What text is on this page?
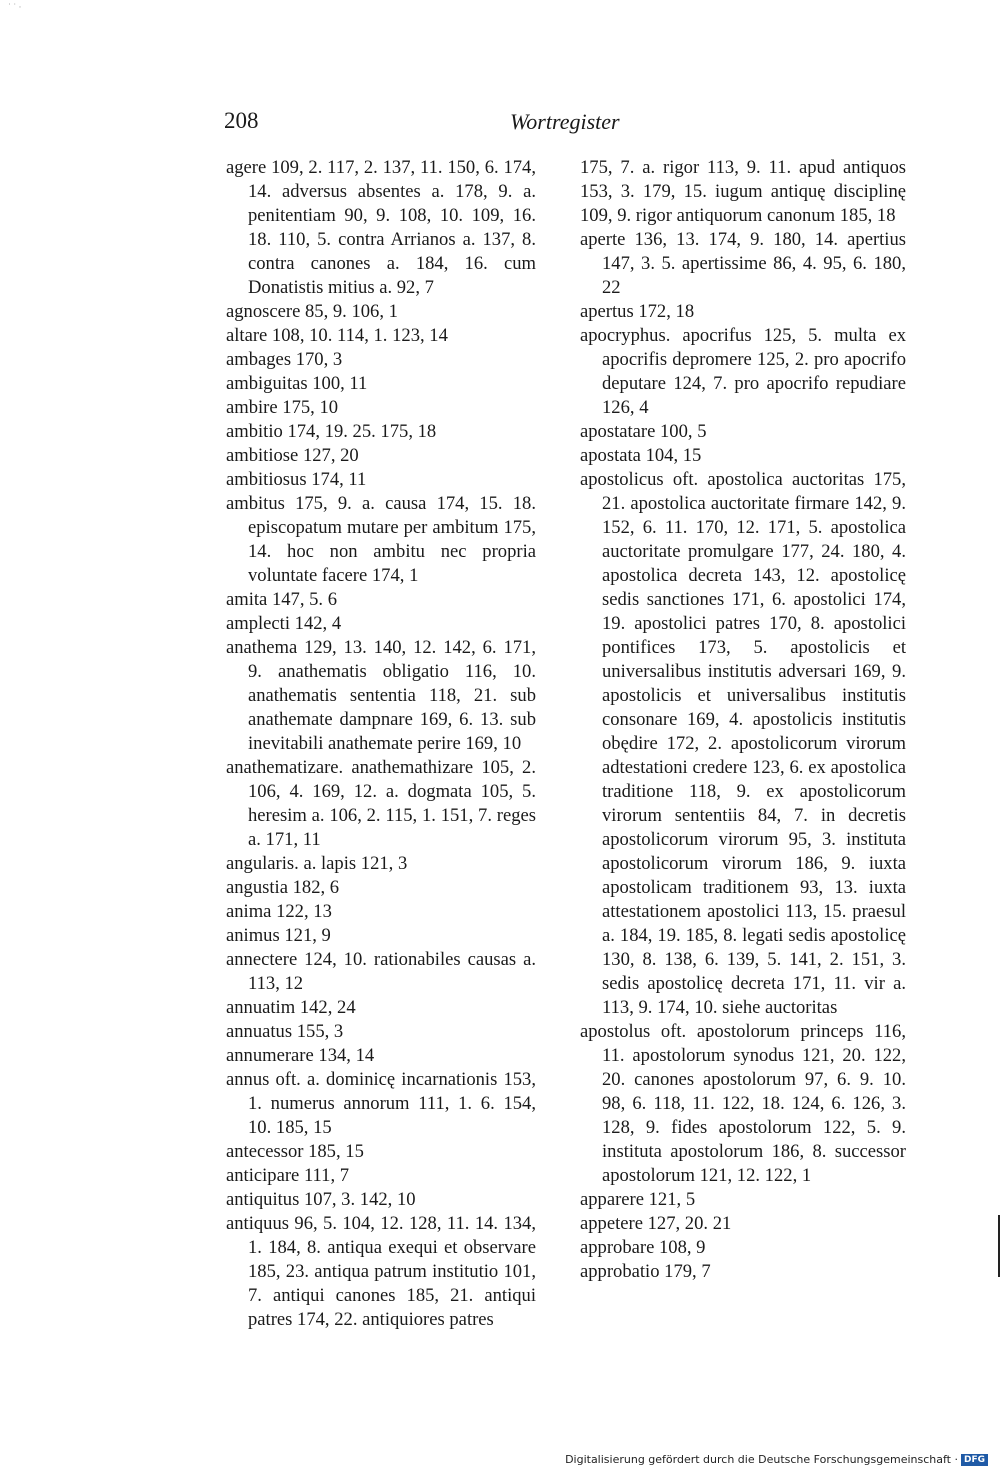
˙ ˙ ·
208	Wortregister
agere 109, 2. 117, 2. 137, 11. 150, 6. 174, 14. adversus absentes a. 178, 9. a. penitentiam 90, 9. 108, 10. 109, 16. 18. 110, 5. contra Arrianos a. 137, 8. contra canones a. 184, 16. cum Donatistis mitius a. 92, 7
agnoscere 85, 9. 106, 1
altare 108, 10. 114, 1. 123, 14
ambages 170, 3
ambiguitas 100, 11
ambire 175, 10
ambitio 174, 19. 25. 175, 18
ambitiose 127, 20
ambitiosus 174, 11
ambitus 175, 9. a. causa 174, 15. 18. episcopatum mutare per ambitum 175, 14. hoc non ambitu nec propria voluntate facere 174, 1
amita 147, 5. 6
amplecti 142, 4
anathema 129, 13. 140, 12. 142, 6. 171, 9. anathematis obligatio 116, 10. anathematis sententia 118, 21. sub anathemate dampnare 169, 6. 13. sub inevitabili anathemate perire 169, 10
anathematizare. anathemathizare 105, 2. 106, 4. 169, 12. a. dogmata 105, 5. heresim a. 106, 2. 115, 1. 151, 7. reges a. 171, 11
angularis. a. lapis 121, 3
angustia 182, 6
anima 122, 13
animus 121, 9
annectere 124, 10. rationabiles causas a. 113, 12
annuatim 142, 24
annuatus 155, 3
annumerare 134, 14
annus oft. a. dominicę incarnationis 153, 1. numerus annorum 111, 1. 6. 154, 10. 185, 15
antecessor 185, 15
anticipare 111, 7
antiquitus 107, 3. 142, 10
antiquus 96, 5. 104, 12. 128, 11. 14. 134, 1. 184, 8. antiqua exequi et observare 185, 23. antiqua patrum institutio 101, 7. antiqui canones 185, 21. antiqui patres 174, 22. antiquiores patres
175, 7. a. rigor 113, 9. 11. apud antiquos 153, 3. 179, 15. iugum antiquę disciplinę 109, 9. rigor antiquorum canonum 185, 18
aperte 136, 13. 174, 9. 180, 14. apertius 147, 3. 5. apertissime 86, 4. 95, 6. 180, 22
apertus 172, 18
apocryphus. apocrifus 125, 5. multa ex apocrifis depromere 125, 2. pro apocrifo deputare 124, 7. pro apocrifo repudiare 126, 4
apostatare 100, 5
apostata 104, 15
apostolicus oft. apostolica auctoritas 175, 21. apostolica auctoritate firmare 142, 9. 152, 6. 11. 170, 12. 171, 5. apostolica auctoritate promulgare 177, 24. 180, 4. apostolica decreta 143, 12. apostolicę sedis sanctiones 171, 6. apostolici 174, 19. apostolici patres 170, 8. apostolici pontifices 173, 5. apostolicis et universalibus institutis adversari 169, 9. apostolicis et universalibus institutis consonare 169, 4. apostolicis institutis obędire 172, 2. apostolicorum virorum adtestationi credere 123, 6. ex apostolica traditione 118, 9. ex apostolicorum virorum sententiis 84, 7. in decretis apostolicorum virorum 95, 3. instituta apostolicorum virorum 186, 9. iuxta apostolicam traditionem 93, 13. iuxta attestationem apostolici 113, 15. praesul a. 184, 19. 185, 8. legati sedis apostolicę 130, 8. 138, 6. 139, 5. 141, 2. 151, 3. sedis apostolicę decreta 171, 11. vir a. 113, 9. 174, 10. siehe auctoritas
apostolus oft. apostolorum princeps 116, 11. apostolorum synodus 121, 20. 122, 20. canones apostolorum 97, 6. 9. 10. 98, 6. 118, 11. 122, 18. 124, 6. 126, 3. 128, 9. fides apostolorum 122, 5. 9. instituta apostolorum 186, 8. successor apostolorum 121, 12. 122, 1
apparere 121, 5
appetere 127, 20. 21
approbare 108, 9
approbatio 179, 7
Digitalisierung gefördert durch die Deutsche Forschungsgemeinschaft · DFG
